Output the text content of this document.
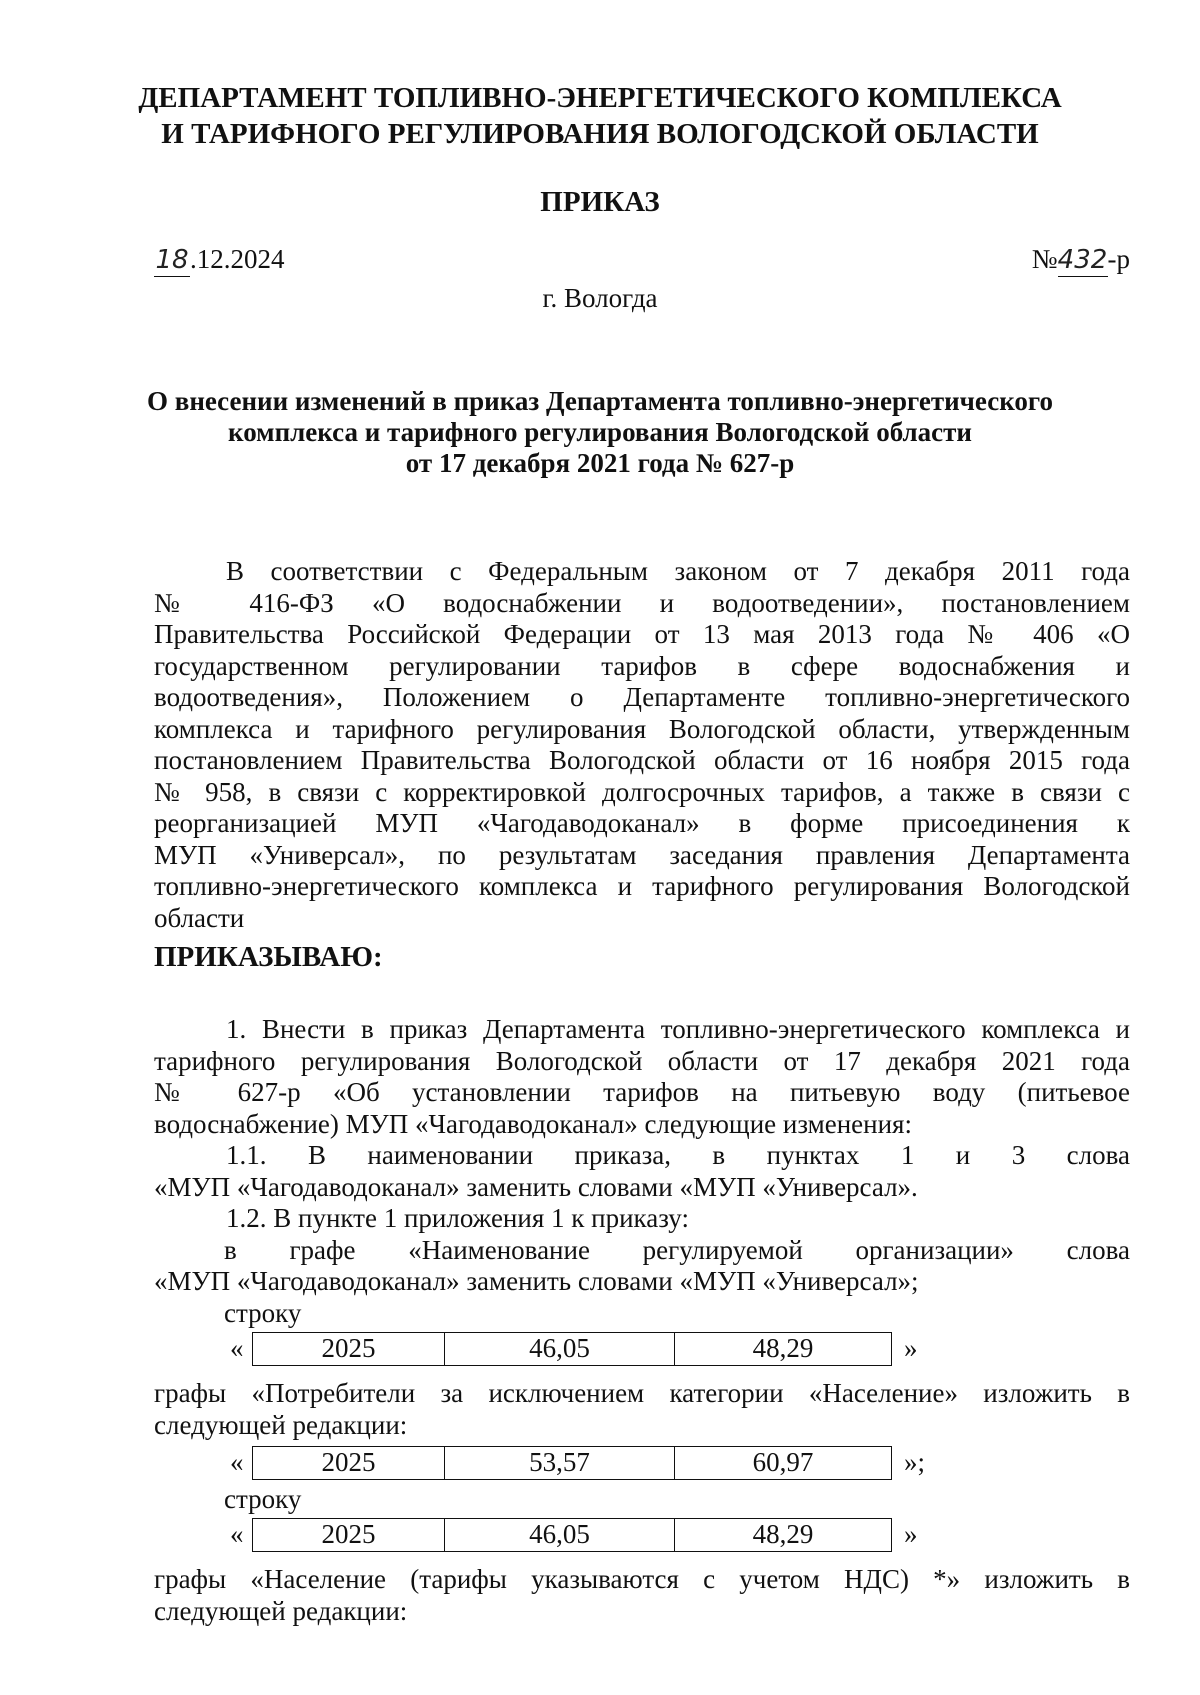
ДЕПАРТАМЕНТ ТОПЛИВНО-ЭНЕРГЕТИЧЕСКОГО КОМПЛЕКСА
И ТАРИФНОГО РЕГУЛИРОВАНИЯ ВОЛОГОДСКОЙ ОБЛАСТИ
ПРИКАЗ
18.12.2024	№432-р
г. Вологда
О внесении изменений в приказ Департамента топливно-энергетического
комплекса и тарифного регулирования Вологодской области
от 17 декабря 2021 года № 627-р
В соответствии с Федеральным законом от 7 декабря 2011 года
№ 416-ФЗ «О водоснабжении и водоотведении», постановлением
Правительства Российской Федерации от 13 мая 2013 года № 406 «О
государственном регулировании тарифов в сфере водоснабжения и
водоотведения», Положением о Департаменте топливно-энергетического
комплекса и тарифного регулирования Вологодской области, утвержденным
постановлением Правительства Вологодской области от 16 ноября 2015 года
№ 958, в связи с корректировкой долгосрочных тарифов, а также в связи с
реорганизацией МУП «Чагодаводоканал» в форме присоединения к
МУП «Универсал», по результатам заседания правления Департамента
топливно-энергетического комплекса и тарифного регулирования Вологодской
области
ПРИКАЗЫВАЮ:
1. Внести в приказ Департамента топливно-энергетического комплекса и
тарифного регулирования Вологодской области от 17 декабря 2021 года
№ 627-р «Об установлении тарифов на питьевую воду (питьевое
водоснабжение) МУП «Чагодаводоканал» следующие изменения:
1.1. В наименовании приказа, в пунктах 1 и 3 слова
«МУП «Чагодаводоканал» заменить словами «МУП «Универсал».
1.2. В пункте 1 приложения 1 к приказу:
в графе «Наименование регулируемой организации» слова
«МУП «Чагодаводоканал» заменить словами «МУП «Универсал»;
строку
«	2025	46,05	48,29	»
графы «Потребители за исключением категории «Население» изложить в
следующей редакции:
«	2025	53,57	60,97	»;
строку
«	2025	46,05	48,29	»
графы «Население (тарифы указываются с учетом НДС) *» изложить в
следующей редакции:
